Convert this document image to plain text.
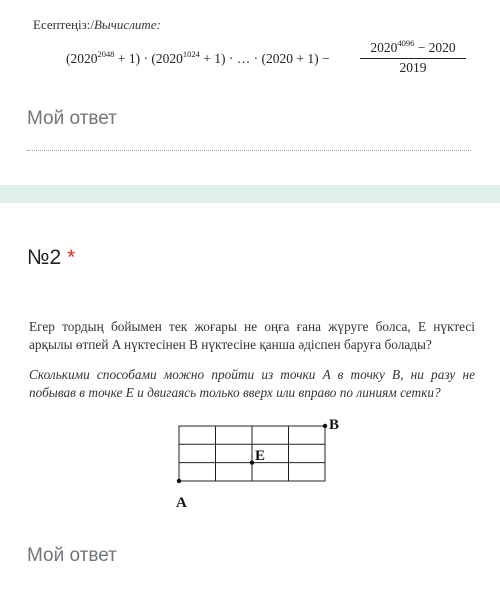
Есептеңіз:/Вычислите:
$(2020^{2048} + 1) \cdot (2020^{1024} + 1)$ · … · (2020 + 1) −
$2020^{4096} - 2020$
2019
Мой ответ
№2 *
Егер тордың бойымен тек жоғары не оңға ғана жүруге болса, E нүктесі арқылы өтпей A нүктесінен B нүктесіне қанша әдіспен баруға болады?
Сколькими способами можно пройти из точки A в точку B, ни разу не побывав в точке E и двигаясь только вверх или вправо по линиям сетки?
A
B
E
Мой ответ
